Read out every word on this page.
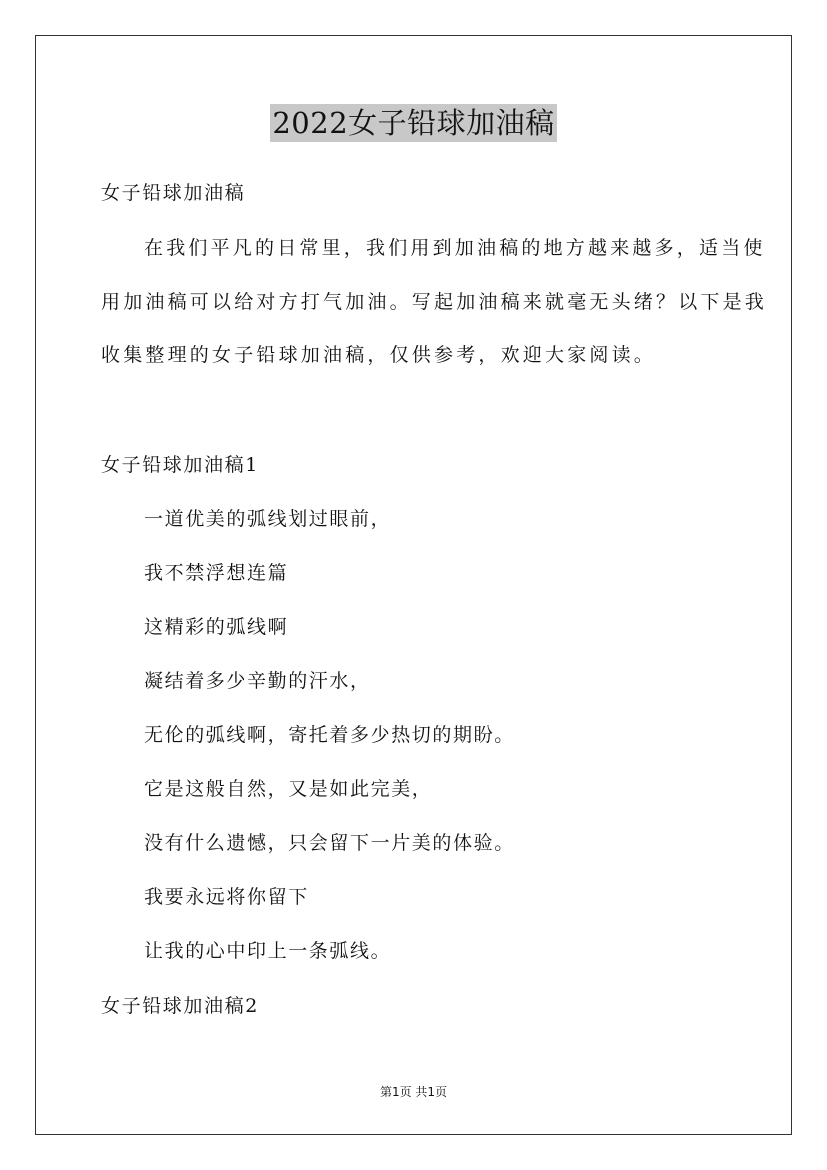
2022女子铅球加油稿
女子铅球加油稿
在我们平凡的日常里，我们用到加油稿的地方越来越多，适当使
用加油稿可以给对方打气加油。写起加油稿来就毫无头绪？以下是我
收集整理的女子铅球加油稿，仅供参考，欢迎大家阅读。
女子铅球加油稿1
一道优美的弧线划过眼前，
我不禁浮想连篇
这精彩的弧线啊
凝结着多少辛勤的汗水，
无伦的弧线啊，寄托着多少热切的期盼。
它是这般自然，又是如此完美，
没有什么遗憾，只会留下一片美的体验。
我要永远将你留下
让我的心中印上一条弧线。
女子铅球加油稿2
第1页 共1页
